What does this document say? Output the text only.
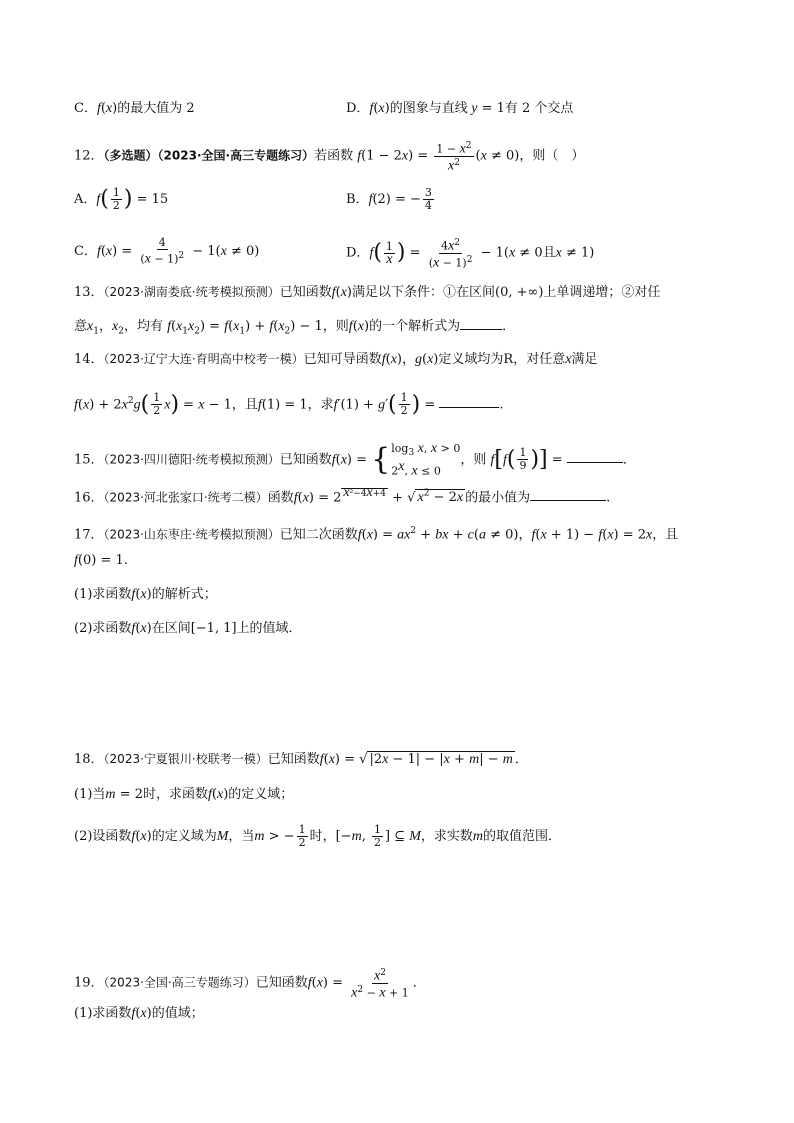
C．f(x)的最大值为 2	D．f(x)的图象与直线 y = 1有 2 个交点
12．（多选题）（2023·全国·高三专题练习）若函数 $f(1 - 2x) = \frac{1 - x^2}{x^2} (x \ne 0)$，则（　）
A．$f( \frac{1}{2}$ ) = 15	B．f(2) = − $\frac{3}{4}$
C．$f(x) = \frac{4}{(x - 1)^2} - 1(x \ne 0)$	D．$f( \frac{1}{x}$ ) = $\frac{4x^2}{(x - 1)^2} - 1(x \ne 0$且x ≠ 1)
13．（2023·湖南娄底·统考模拟预测）已知函数f(x)满足以下条件：①在区间(0, +∞)上单调递增；②对任
意$x_1$，$x_2$，均有 $f(x_1x_2) = f(x_1) + f(x_2) - 1$，则f(x)的一个解析式为	．
14．（2023·辽宁大连·育明高中校考一模）已知可导函数f(x)，g(x)定义域均为R，对任意x满足
$f(x) + 2x^2g( \frac{1}{2} x) = x - 1$，且f(1) = 1，求$f'(1) + g'( \frac{1}{2}$ ) =	.
15．（2023·四川德阳·统考模拟预测）已知函数f(x) = { $\log_3 x$, x > 0
2$^x$, x ≤ 0
，则 $f[f( \frac{1}{9}$ )] =	．
16．（2023·河北张家口·统考二模）函数f(x) = 2 $^{x^2-4x+4}$ + √ $x^2 - 2x$ 的最小值为	.
17．（2023·山东枣庄·统考模拟预测）已知二次函数$f(x) = ax^2$ + bx + c(a ≠ 0)，f(x + 1) − f(x) = 2x，且
f(0) = 1.
(1)求函数f(x)的解析式；
(2)求函数f(x)在区间[−1, 1]上的值域．
18．（2023·宁夏银川·校联考一模）已知函数f(x) = √ |2x − 1| − |x + m| − m ．
(1)当m = 2时，求函数f(x)的定义域；
(2)设函数f(x)的定义域为M，当m > − $\frac{1}{2}$ 时，[−m, $\frac{1}{2}$ ] ⊆ M，求实数m的取值范围．
19．（2023·全国·高三专题练习）已知函数$f(x) = \frac{x^2}{x^2 - x + 1}$ ．
(1)求函数f(x)的值域；
